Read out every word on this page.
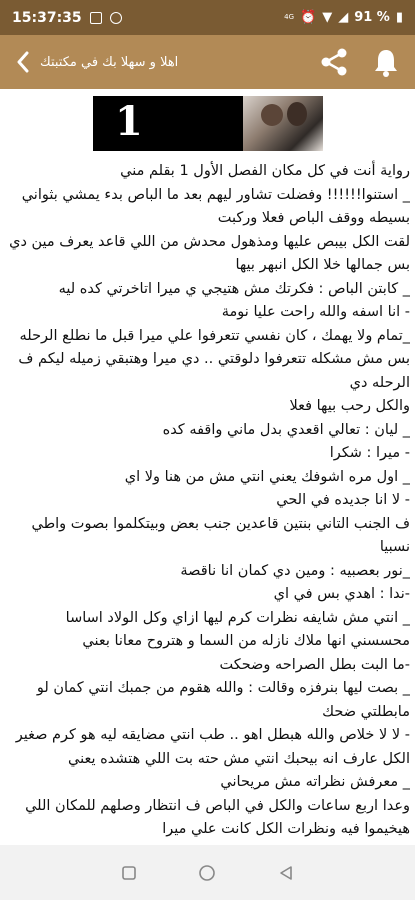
15:37:35	4G ⏰ ▼ ◢ 91 % ▮
اهلا و سهلا بك في مكتبتك
1

رواية أنت في كل مكان الفصل الأول 1 بقلم مني

_ استنوا!!!!!! وفضلت تشاور ليهم بعد ما الباص بدء يمشي بثواني بسيطه ووقف الباص فعلا وركبت

لقت الكل بيبص عليها ومذهول محدش من اللي قاعد يعرف مين دي بس جمالها خلا الكل انبهر بيها

_ كابتن الباص : فكرتك مش هتيجي ي ميرا اتاخرتي كده ليه

- انا اسفه والله راحت عليا نومة

_تمام ولا يهمك ، كان نفسي تتعرفوا علي ميرا قبل ما نطلع الرحله بس مش مشكله تتعرفوا دلوقتي .. دي ميرا وهتبقي زميله ليكم ف الرحله دي

والكل رحب بيها فعلا

_ ليان : تعالي اقعدي بدل ماني واقفه كده

- ميرا : شكرا

_ اول مره اشوفك يعني انتي مش من هنا ولا اي

- لا انا جديده في الحي

ف الجنب التاني بنتين قاعدين جنب بعض وبيتكلموا بصوت واطي نسبيا

_نور بعصبيه : ومين دي كمان انا ناقصة

-ندا : اهدي بس في اي

_ انتي مش شايفه نظرات كرم ليها ازاي وكل الولاد اساسا محسسني انها ملاك نازله من السما و هتروح معانا بعني

-ما البت بطل الصراحه وضحكت

_ بصت ليها بنرفزه وقالت : والله هقوم من جمبك انتي كمان لو مابطلتي ضحك

- لا لا خلاص والله هبطل اهو .. طب انتي مضايقه ليه هو كرم صغير الكل عارف انه بيحبك انتي مش حته بت اللي هتشده يعني

_ معرفش نظراته مش مريحاني

وعدا اربع ساعات والكل في الباص ف انتظار وصلهم للمكان اللي هيخيموا فيه ونظرات الكل كانت علي ميرا
